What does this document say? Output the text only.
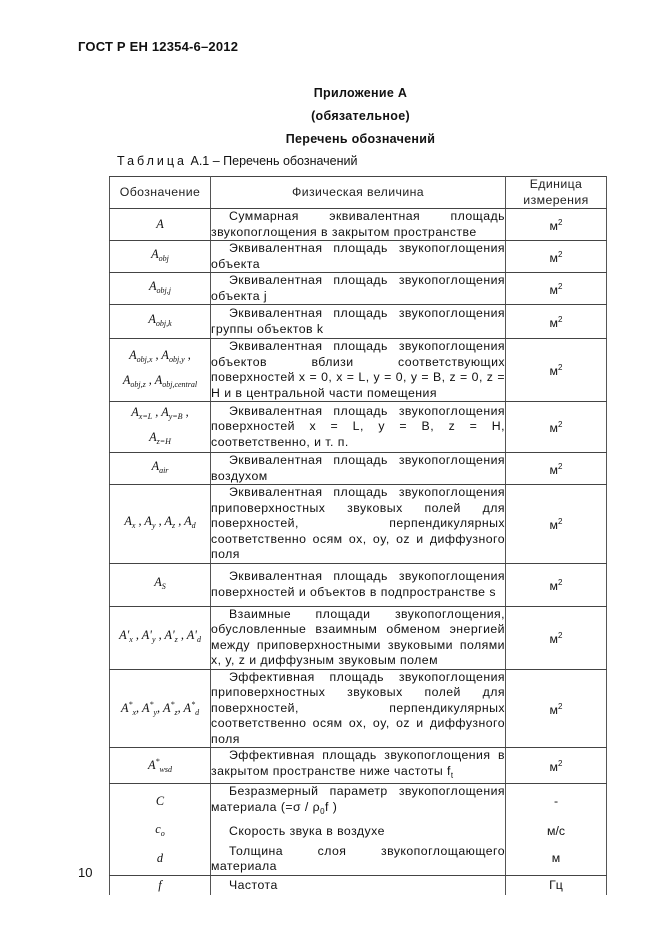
ГОСТ Р ЕН 12354-6–2012
Приложение А
(обязательное)
Перечень обозначений
Таблица А.1 – Перечень обозначений
Обозначение	Физическая величина	Единица измерения
A	Суммарная эквивалентная площадь звукопоглощения в закрытом пространстве	$м^2$
$A_{obj}$	Эквивалентная площадь звукопоглощения объекта	$м^2$
$A_{obj,j}$	Эквивалентная площадь звукопоглощения объекта j	$м^2$
$A_{obj,k}$	Эквивалентная площадь звукопоглощения группы объектов k	$м^2$
$A_{obj,x}$ , $A_{obj,y}$ ,
$A_{obj,z}$ , $A_{obj,central}$	Эквивалентная площадь звукопоглощения объектов вблизи соответствующих поверхностей x = 0, x = L, y = 0, y = B, z = 0, z = H и в центральной части помещения	$м^2$
$A_{x=L}$ , $A_{y=B}$ ,
$A_{z=H}$	Эквивалентная площадь звукопоглощения поверхностей x = L, y = B, z = H, соответственно, и т. п.	$м^2$
$A_{air}$	Эквивалентная площадь звукопоглощения воздухом	$м^2$
$A_x$ , $A_y$ , $A_z$ , $A_d$	Эквивалентная площадь звукопоглощения приповерхностных звуковых полей для поверхностей, перпендикулярных соответственно осям ox, oy, oz и диффузного поля	$м^2$
$A_S$	Эквивалентная площадь звукопоглощения поверхностей и объектов в подпространстве s	$м^2$
$A'_x$ , $A'_y$ , $A'_z$ , $A'_d$	Взаимные площади звукопоглощения, обусловленные взаимным обменом энергией между приповерхностными звуковыми полями x, y, z и диффузным звуковым полем	$м^2$
$A^*_x$, $A^*_y$, $A^*_z$, $A^*_d$	Эффективная площадь звукопоглощения приповерхностных звуковых полей для поверхностей, перпендикулярных соответственно осям ox, oy, oz и диффузного поля	$м^2$
$A^*_{wsd}$	Эффективная площадь звукопоглощения в закрытом пространстве ниже частоты $f_t$	$м^2$
C	Безразмерный параметр звукопоглощения материала ($=\sigma / \rho_0f$ )	-
$c_o$	Скорость звука в воздухе	м/с
d	Толщина слоя звукопоглощающего материала	м
f	Частота	Гц
10
